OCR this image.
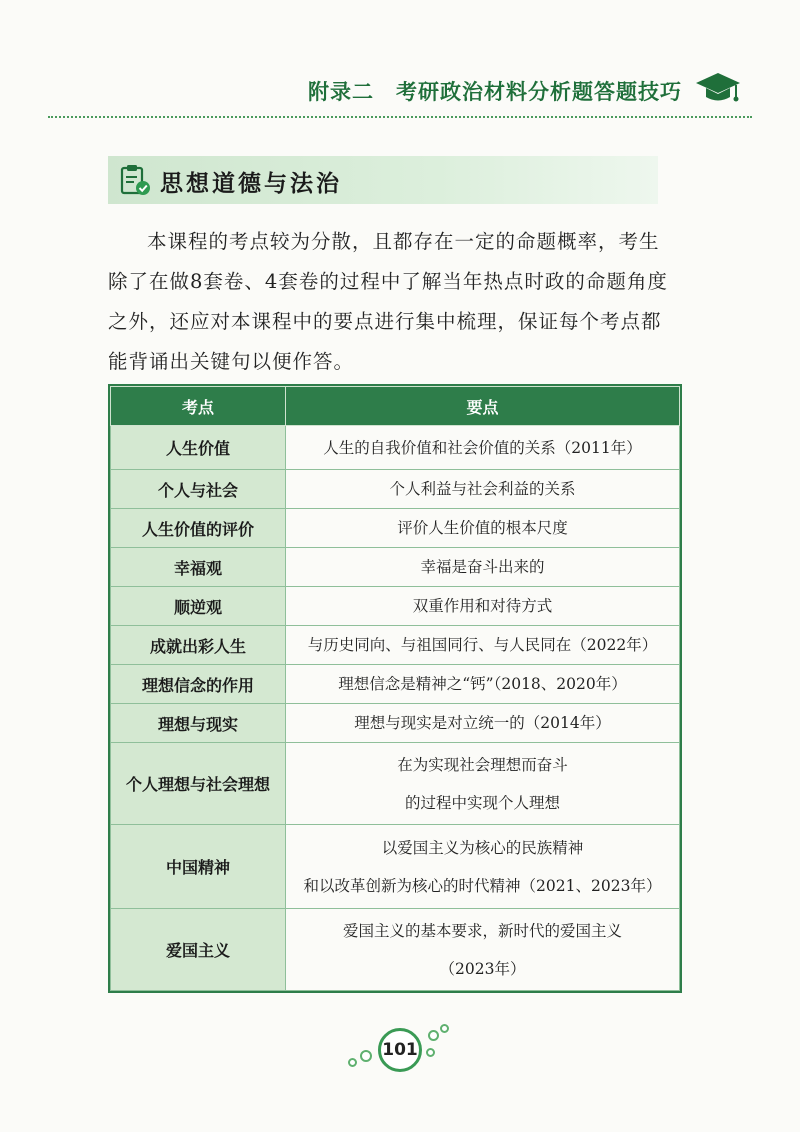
附录二　考研政治材料分析题答题技巧
思想道德与法治

本课程的考点较为分散，且都存在一定的命题概率，考生除了在做8套卷、4套卷的过程中了解当年热点时政的命题角度之外，还应对本课程中的要点进行集中梳理，保证每个考点都能背诵出关键句以便作答。

考点	要点
人生价值	人生的自我价值和社会价值的关系（2011年）

个人与社会	个人利益与社会利益的关系

人生价值的评价	评价人生价值的根本尺度

幸福观	幸福是奋斗出来的

顺逆观	双重作用和对待方式

成就出彩人生	与历史同向、与祖国同行、与人民同在（2022年）

理想信念的作用	理想信念是精神之“钙”（2018、2020年）

理想与现实	理想与现实是对立统一的（2014年）

个人理想与社会理想	在为实现社会理想而奋斗
的过程中实现个人理想

中国精神	以爱国主义为核心的民族精神
和以改革创新为核心的时代精神（2021、2023年）

爱国主义	爱国主义的基本要求，新时代的爱国主义
（2023年）
101
